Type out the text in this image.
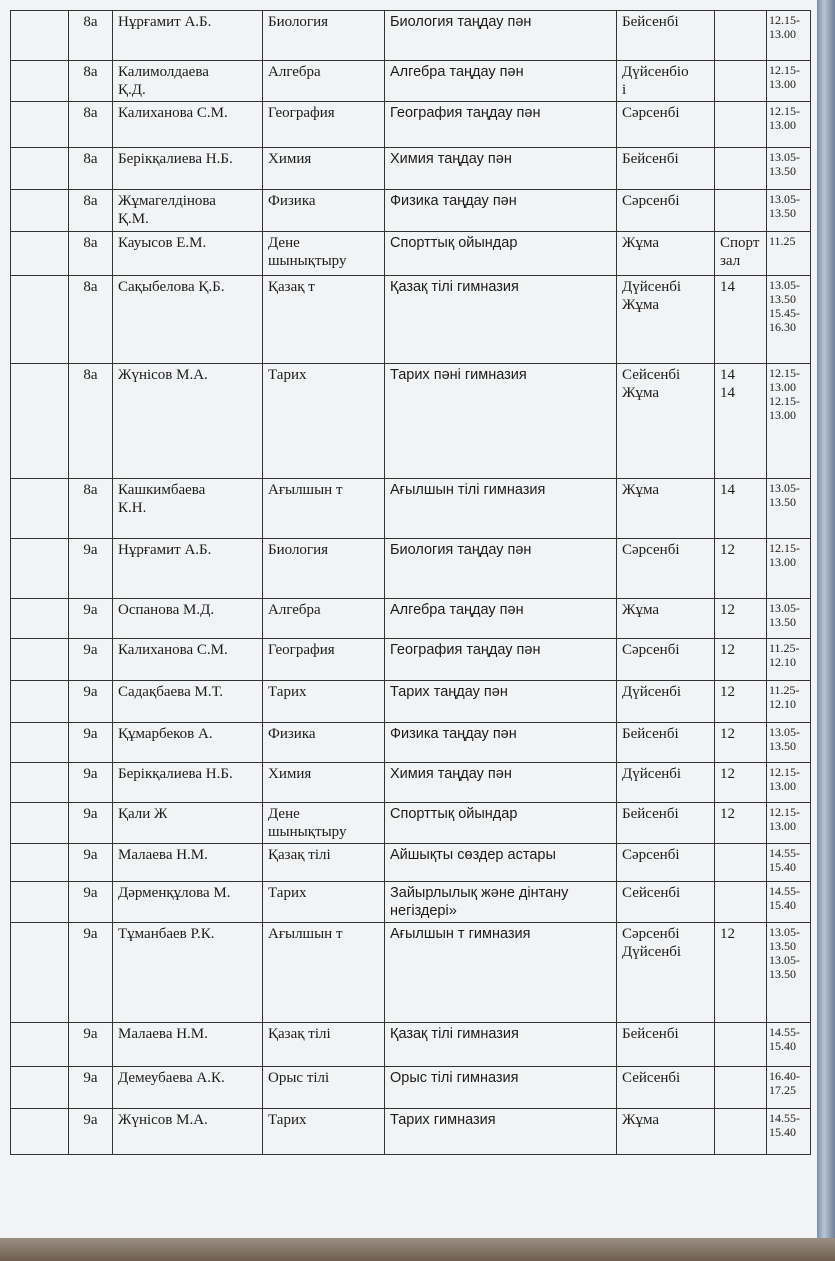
	8а	Нұрғамит А.Б.	Биология	Биология таңдау пән	Бейсенбі		12.15-
13.00
	8а	Калимолдаева
Қ.Д.	Алгебра	Алгебра таңдау пән	Дүйсенбіо
і		12.15-
13.00
	8а	Калиханова С.М.	География	География таңдау пән	Сәрсенбі		12.15-
13.00
	8а	Берікқалиева Н.Б.	Химия	Химия таңдау пән	Бейсенбі		13.05-
13.50
	8а	Жұмагелдінова
Қ.М.	Физика	Физика таңдау пән	Сәрсенбі		13.05-
13.50
	8а	Кауысов Е.М.	Дене
шынықтыру	Спорттық ойындар	Жұма	Спорт
зал	11.25
	8а	Сақыбелова Қ.Б.	Қазақ т	Қазақ тілі гимназия	Дүйсенбі
Жұма	14	13.05-
13.50
15.45-
16.30
	8а	Жүнісов М.А.	Тарих	Тарих пәні гимназия	Сейсенбі
Жұма	14
14	12.15-
13.00
12.15-
13.00
	8а	Кашкимбаева
К.Н.	Ағылшын т	Ағылшын тілі гимназия	Жұма	14	13.05-
13.50
	9а	Нұрғамит А.Б.	Биология	Биология таңдау пән	Сәрсенбі	12	12.15-
13.00
	9а	Оспанова М.Д.	Алгебра	Алгебра таңдау пән	Жұма	12	13.05-
13.50
	9а	Калиханова С.М.	География	География таңдау пән	Сәрсенбі	12	11.25-
12.10
	9а	Садақбаева М.Т.	Тарих	Тарих таңдау пән	Дүйсенбі	12	11.25-
12.10
	9а	Құмарбеков А.	Физика	Физика таңдау пән	Бейсенбі	12	13.05-
13.50
	9а	Берікқалиева Н.Б.	Химия	Химия таңдау пән	Дүйсенбі	12	12.15-
13.00
	9а	Қали Ж	Дене
шынықтыру	Спорттық ойындар	Бейсенбі	12	12.15-
13.00
	9а	Малаева Н.М.	Қазақ тілі	Айшықты сөздер астары	Сәрсенбі		14.55-
15.40
	9а	Дәрменқұлова М.	Тарих	Зайырлылық және дінтану
негіздері»	Сейсенбі		14.55-
15.40
	9а	Тұманбаев Р.К.	Ағылшын т	Ағылшын т гимназия	Сәрсенбі
Дүйсенбі	12	13.05-
13.50
13.05-
13.50
	9а	Малаева Н.М.	Қазақ тілі	Қазақ тілі гимназия	Бейсенбі		14.55-
15.40
	9а	Демеубаева А.К.	Орыс тілі	Орыс тілі гимназия	Сейсенбі		16.40-
17.25
	9а	Жүнісов М.А.	Тарих	Тарих гимназия	Жұма		14.55-
15.40
